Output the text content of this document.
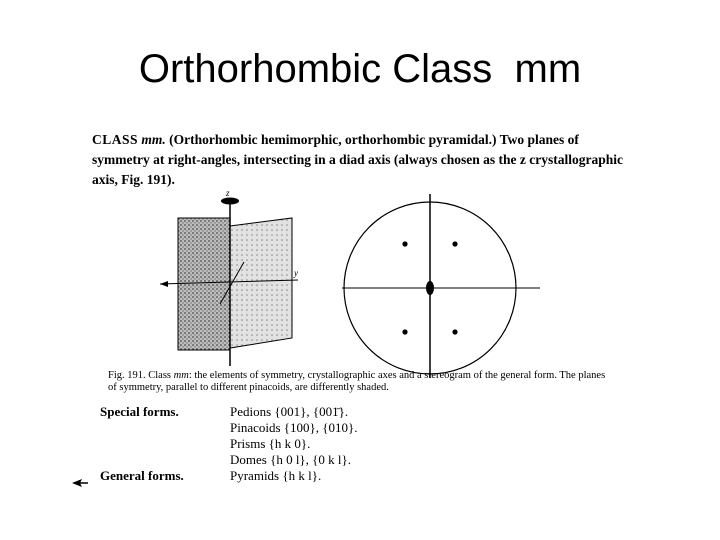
Orthorhombic Class  mm
CLASS mm. (Orthorhombic hemimorphic, orthorhombic pyramidal.) Two planes of symmetry at right-angles, intersecting in a diad axis (always chosen as the z crystallographic axis, Fig. 191).
z
y
Fig. 191. Class mm: the elements of symmetry, crystallographic axes and a stereogram of the general form. The planes of symmetry, parallel to different pinacoids, are differently shaded.
Special forms.	Pedions {001}, {001̄}.
Pinacoids {100}, {010}.
Prisms {h k 0}.
Domes {h 0 l}, {0 k l}.
Pyramids {h k l}.
General forms.
